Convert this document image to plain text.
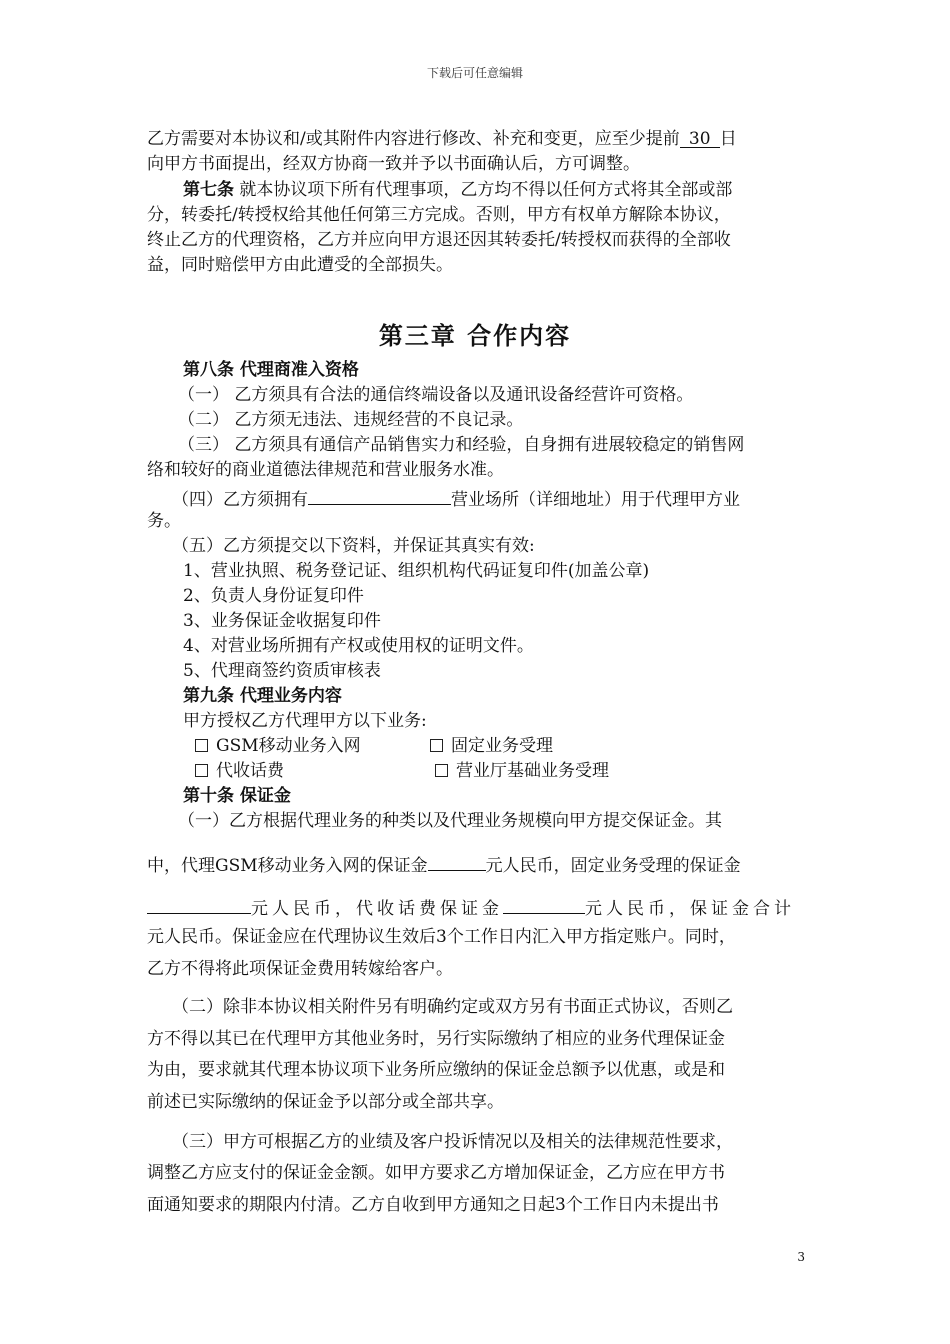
下载后可任意编辑
乙方需要对本协议和/或其附件内容进行修改、补充和变更，应至少提前 30 日
向甲方书面提出，经双方协商一致并予以书面确认后，方可调整。
第七条 就本协议项下所有代理事项，乙方均不得以任何方式将其全部或部
分，转委托/转授权给其他任何第三方完成。否则，甲方有权单方解除本协议，
终止乙方的代理资格，乙方并应向甲方退还因其转委托/转授权而获得的全部收
益，同时赔偿甲方由此遭受的全部损失。
第三章 合作内容
第八条 代理商准入资格
（一） 乙方须具有合法的通信终端设备以及通讯设备经营许可资格。
（二） 乙方须无违法、违规经营的不良记录。
（三） 乙方须具有通信产品销售实力和经验，自身拥有进展较稳定的销售网
络和较好的商业道德法律规范和营业服务水准。
（四）乙方须拥有	营业场所（详细地址）用于代理甲方业
务。
（五）乙方须提交以下资料，并保证其真实有效:
1、营业执照、税务登记证、组织机构代码证复印件(加盖公章)
2、负责人身份证复印件
3、业务保证金收据复印件
4、对营业场所拥有产权或使用权的证明文件。
5、代理商签约资质审核表
第九条 代理业务内容
甲方授权乙方代理甲方以下业务:
GSM移动业务入网	固定业务受理
代收话费	营业厅基础业务受理
第十条 保证金
（一）乙方根据代理业务的种类以及代理业务规模向甲方提交保证金。其
中，代理GSM移动业务入网的保证金	元人民币，固定业务受理的保证金
元人民币，代收话费保证金	元人民币，保证金合计
元人民币。保证金应在代理协议生效后3个工作日内汇入甲方指定账户。同时，
乙方不得将此项保证金费用转嫁给客户。
（二）除非本协议相关附件另有明确约定或双方另有书面正式协议，否则乙
方不得以其已在代理甲方其他业务时，另行实际缴纳了相应的业务代理保证金
为由，要求就其代理本协议项下业务所应缴纳的保证金总额予以优惠，或是和
前述已实际缴纳的保证金予以部分或全部共享。
（三）甲方可根据乙方的业绩及客户投诉情况以及相关的法律规范性要求，
调整乙方应支付的保证金金额。如甲方要求乙方增加保证金，乙方应在甲方书
面通知要求的期限内付清。乙方自收到甲方通知之日起3个工作日内未提出书
3
